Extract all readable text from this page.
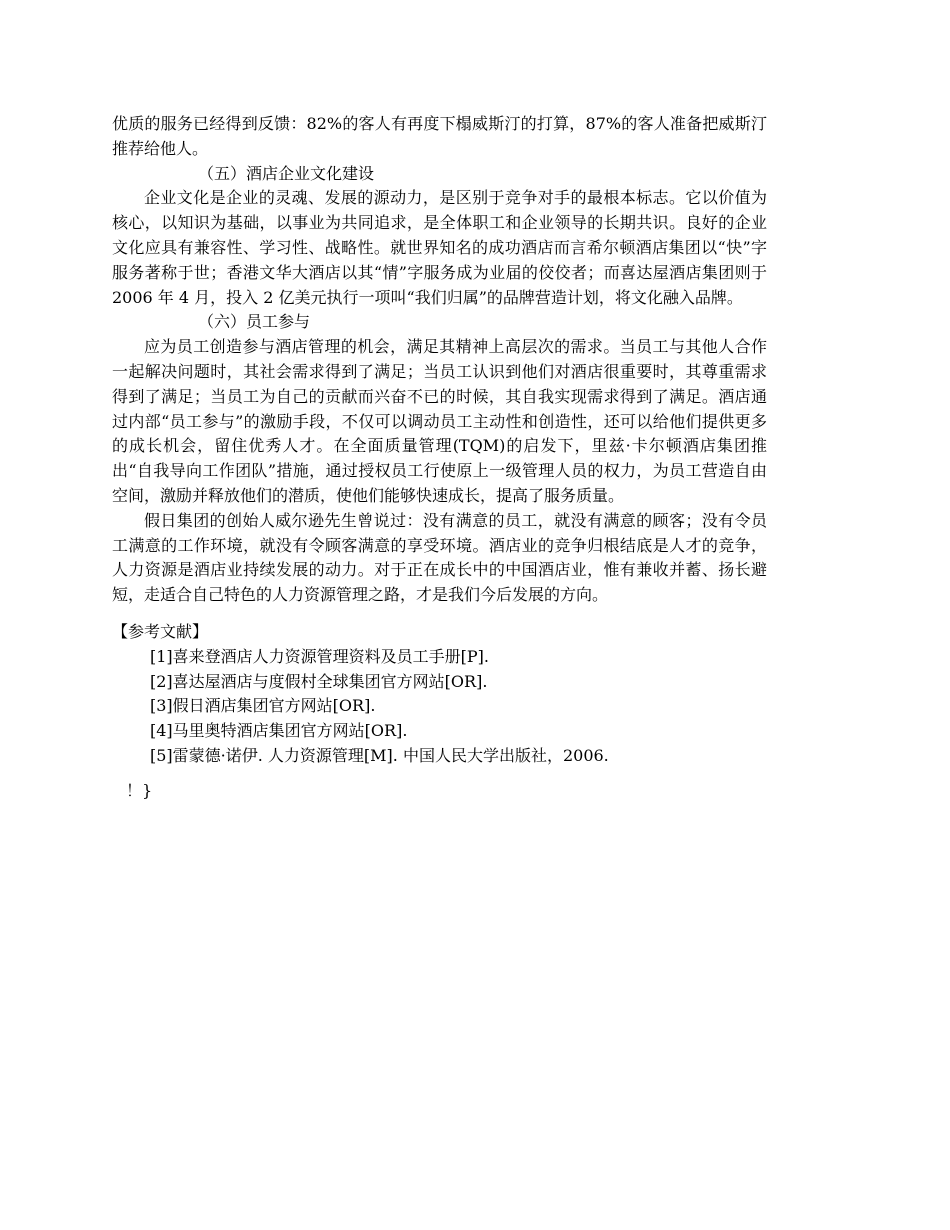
优质的服务已经得到反馈：82%的客人有再度下榻威斯汀的打算，87%的客人准备把威斯汀推荐给他人。

（五）酒店企业文化建设

企业文化是企业的灵魂、发展的源动力，是区别于竞争对手的最根本标志。它以价值为核心，以知识为基础，以事业为共同追求，是全体职工和企业领导的长期共识。良好的企业文化应具有兼容性、学习性、战略性。就世界知名的成功酒店而言希尔顿酒店集团以“快”字服务著称于世；香港文华大酒店以其“情”字服务成为业届的佼佼者；而喜达屋酒店集团则于 2006 年 4 月，投入 2 亿美元执行一项叫“我们归属”的品牌营造计划，将文化融入品牌。

（六）员工参与

应为员工创造参与酒店管理的机会，满足其精神上高层次的需求。当员工与其他人合作一起解决问题时，其社会需求得到了满足；当员工认识到他们对酒店很重要时，其尊重需求得到了满足；当员工为自己的贡献而兴奋不已的时候，其自我实现需求得到了满足。酒店通过内部“员工参与”的激励手段，不仅可以调动员工主动性和创造性，还可以给他们提供更多的成长机会，留住优秀人才。在全面质量管理(TQM)的启发下，里兹·卡尔顿酒店集团推出“自我导向工作团队”措施，通过授权员工行使原上一级管理人员的权力，为员工营造自由空间，激励并释放他们的潜质，使他们能够快速成长，提高了服务质量。

假日集团的创始人威尔逊先生曾说过：没有满意的员工，就没有满意的顾客；没有令员工满意的工作环境，就没有令顾客满意的享受环境。酒店业的竞争归根结底是人才的竞争，人力资源是酒店业持续发展的动力。对于正在成长中的中国酒店业，惟有兼收并蓄、扬长避短，走适合自己特色的人力资源管理之路，才是我们今后发展的方向。

【参考文献】

[1]喜来登酒店人力资源管理资料及员工手册[P].
[2]喜达屋酒店与度假村全球集团官方网站[OR].
[3]假日酒店集团官方网站[OR].
[4]马里奥特酒店集团官方网站[OR].
[5]雷蒙德·诺伊. 人力资源管理[M]. 中国人民大学出版社，2006.

！}
